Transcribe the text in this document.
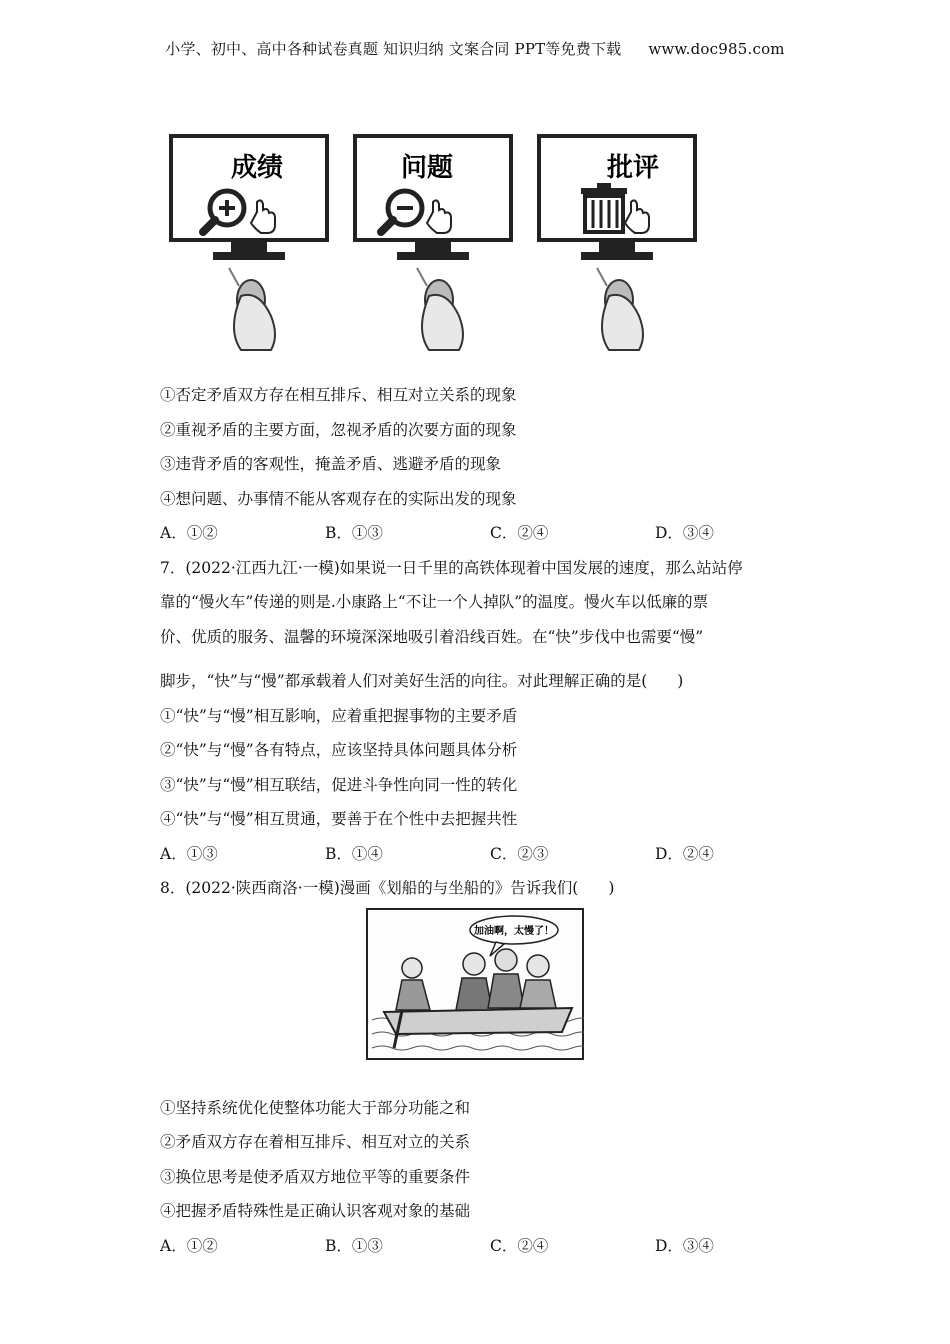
小学、初中、高中各种试卷真题 知识归纳 文案合同 PPT等免费下载 www.doc985.com
成绩	问题	批评
①否定矛盾双方存在相互排斥、相互对立关系的现象
②重视矛盾的主要方面，忽视矛盾的次要方面的现象
③违背矛盾的客观性，掩盖矛盾、逃避矛盾的现象
④想问题、办事情不能从客观存在的实际出发的现象
A．①②	B．①③	C．②④	D．③④
7．(2022·江西九江·一模)如果说一日千里的高铁体现着中国发展的速度，那么站站停
靠的“慢火车”传递的则是.小康路上“不让一个人掉队”的温度。慢火车以低廉的票
价、优质的服务、温馨的环境深深地吸引着沿线百姓。在“快”步伐中也需要“慢”
脚步，“快”与“慢”都承载着人们对美好生活的向往。对此理解正确的是( )
①“快”与“慢”相互影响，应着重把握事物的主要矛盾
②“快”与“慢”各有特点，应该坚持具体问题具体分析
③“快”与“慢”相互联结，促进斗争性向同一性的转化
④“快”与“慢”相互贯通，要善于在个性中去把握共性
A．①③	B．①④	C．②③	D．②④
8．(2022·陕西商洛·一模)漫画《划船的与坐船的》告诉我们( )
加油啊，太慢了！
①坚持系统优化使整体功能大于部分功能之和
②矛盾双方存在着相互排斥、相互对立的关系
③换位思考是使矛盾双方地位平等的重要条件
④把握矛盾特殊性是正确认识客观对象的基础
A．①②	B．①③	C．②④	D．③④
